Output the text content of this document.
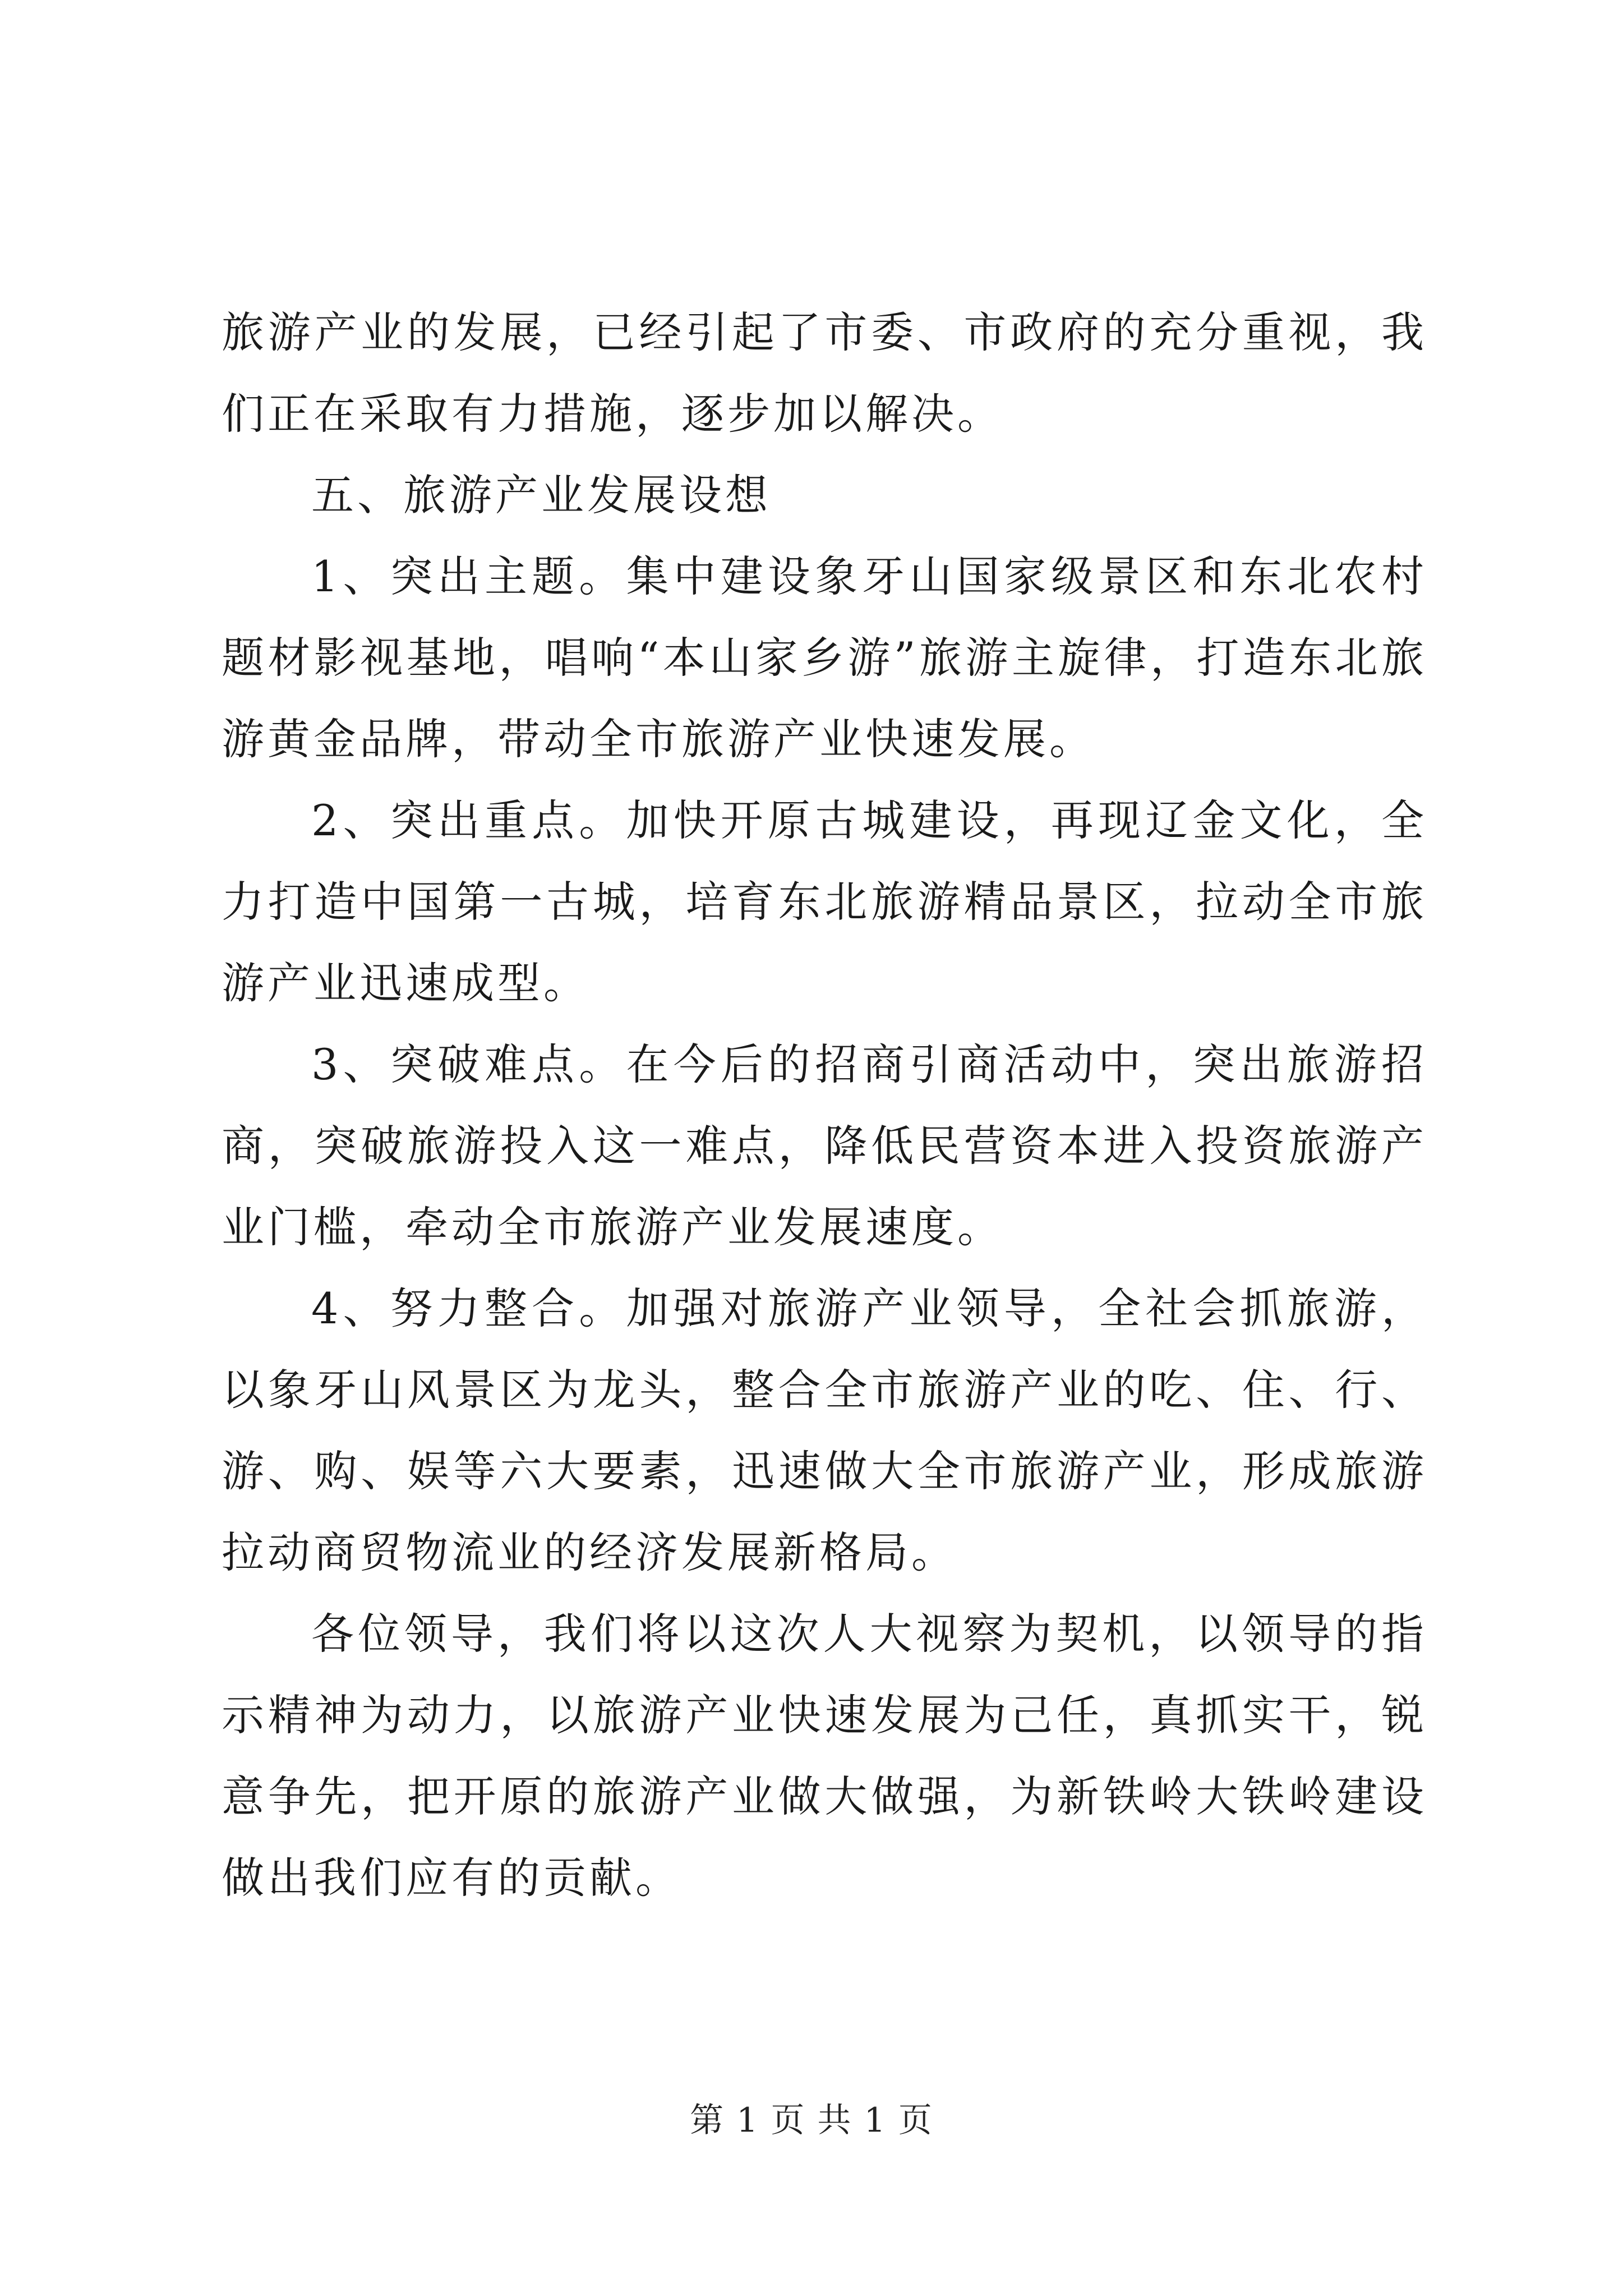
旅游产业的发展，已经引起了市委、市政府的充分重视，我们正在采取有力措施，逐步加以解决。

五、旅游产业发展设想

1、突出主题。集中建设象牙山国家级景区和东北农村题材影视基地，唱响“本山家乡游”旅游主旋律，打造东北旅游黄金品牌，带动全市旅游产业快速发展。

2、突出重点。加快开原古城建设，再现辽金文化，全力打造中国第一古城，培育东北旅游精品景区，拉动全市旅游产业迅速成型。

3、突破难点。在今后的招商引商活动中，突出旅游招商，突破旅游投入这一难点，降低民营资本进入投资旅游产业门槛，牵动全市旅游产业发展速度。

4、努力整合。加强对旅游产业领导，全社会抓旅游，以象牙山风景区为龙头，整合全市旅游产业的吃、住、行、游、购、娱等六大要素，迅速做大全市旅游产业，形成旅游拉动商贸物流业的经济发展新格局。

各位领导，我们将以这次人大视察为契机，以领导的指示精神为动力，以旅游产业快速发展为己任，真抓实干，锐意争先，把开原的旅游产业做大做强，为新铁岭大铁岭建设做出我们应有的贡献。

第 1 页 共 1 页
